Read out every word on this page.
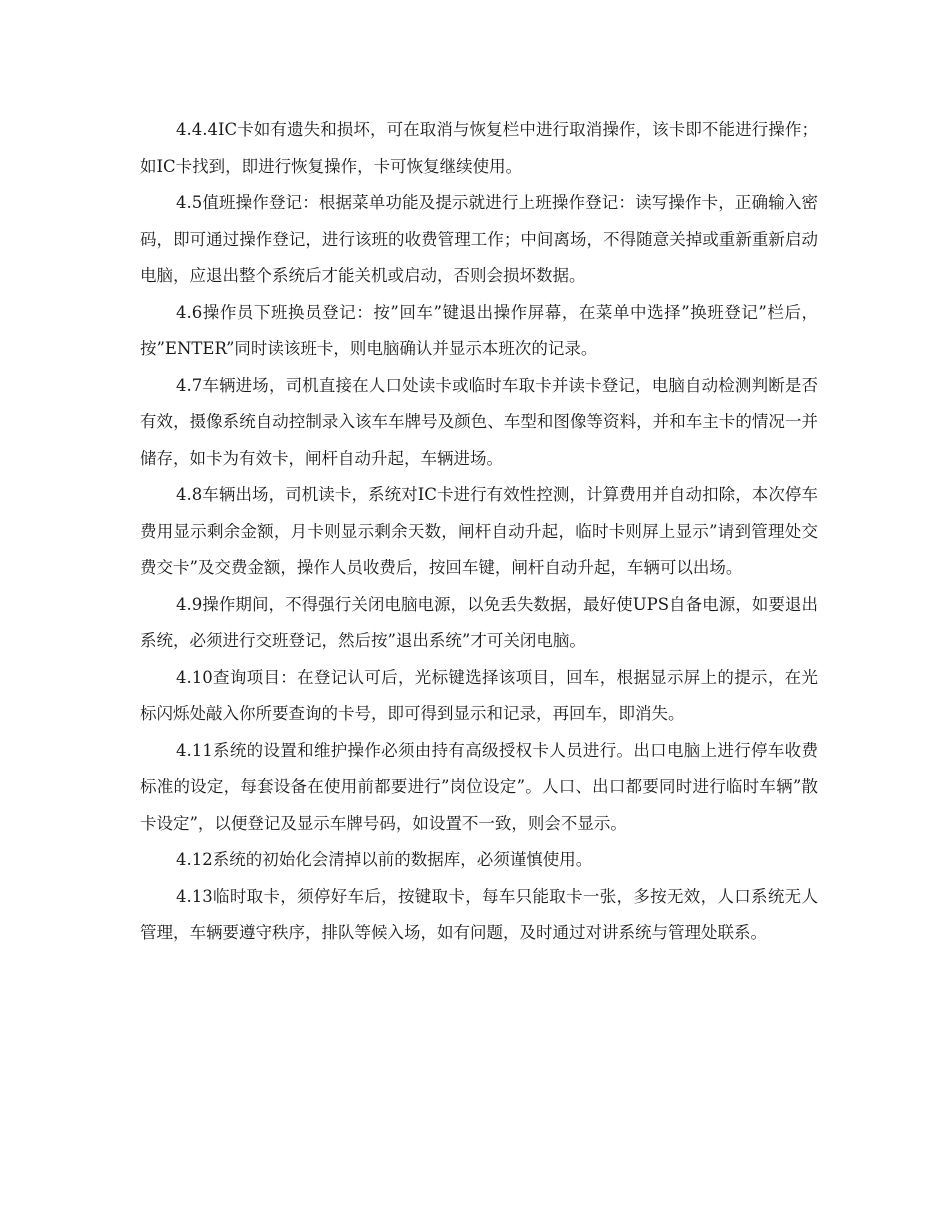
4.4.4IC卡如有遗失和损坏，可在取消与恢复栏中进行取消操作，该卡即不能进行操作；如IC卡找到，即进行恢复操作，卡可恢复继续使用。

4.5值班操作登记：根据菜单功能及提示就进行上班操作登记：读写操作卡，正确输入密码，即可通过操作登记，进行该班的收费管理工作；中间离场，不得随意关掉或重新重新启动电脑，应退出整个系统后才能关机或启动，否则会损坏数据。

4.6操作员下班换员登记：按”回车”键退出操作屏幕，在菜单中选择”换班登记”栏后，按”ENTER”同时读该班卡，则电脑确认并显示本班次的记录。

4.7车辆进场，司机直接在人口处读卡或临时车取卡并读卡登记，电脑自动检测判断是否有效，摄像系统自动控制录入该车车牌号及颜色、车型和图像等资料，并和车主卡的情况一并储存，如卡为有效卡，闸杆自动升起，车辆进场。

4.8车辆出场，司机读卡，系统对IC卡进行有效性控测，计算费用并自动扣除，本次停车费用显示剩余金额，月卡则显示剩余天数，闸杆自动升起，临时卡则屏上显示”请到管理处交费交卡”及交费金额，操作人员收费后，按回车键，闸杆自动升起，车辆可以出场。

4.9操作期间，不得强行关闭电脑电源，以免丢失数据，最好使UPS自备电源，如要退出系统，必须进行交班登记，然后按”退出系统”才可关闭电脑。

4.10查询项目：在登记认可后，光标键选择该项目，回车，根据显示屏上的提示，在光标闪烁处敲入你所要查询的卡号，即可得到显示和记录，再回车，即消失。

4.11系统的设置和维护操作必须由持有高级授权卡人员进行。出口电脑上进行停车收费标准的设定，每套设备在使用前都要进行”岗位设定”。人口、出口都要同时进行临时车辆”散卡设定”，以便登记及显示车牌号码，如设置不一致，则会不显示。

4.12系统的初始化会清掉以前的数据库，必须谨慎使用。

4.13临时取卡，须停好车后，按键取卡，每车只能取卡一张，多按无效，人口系统无人管理，车辆要遵守秩序，排队等候入场，如有问题，及时通过对讲系统与管理处联系。
